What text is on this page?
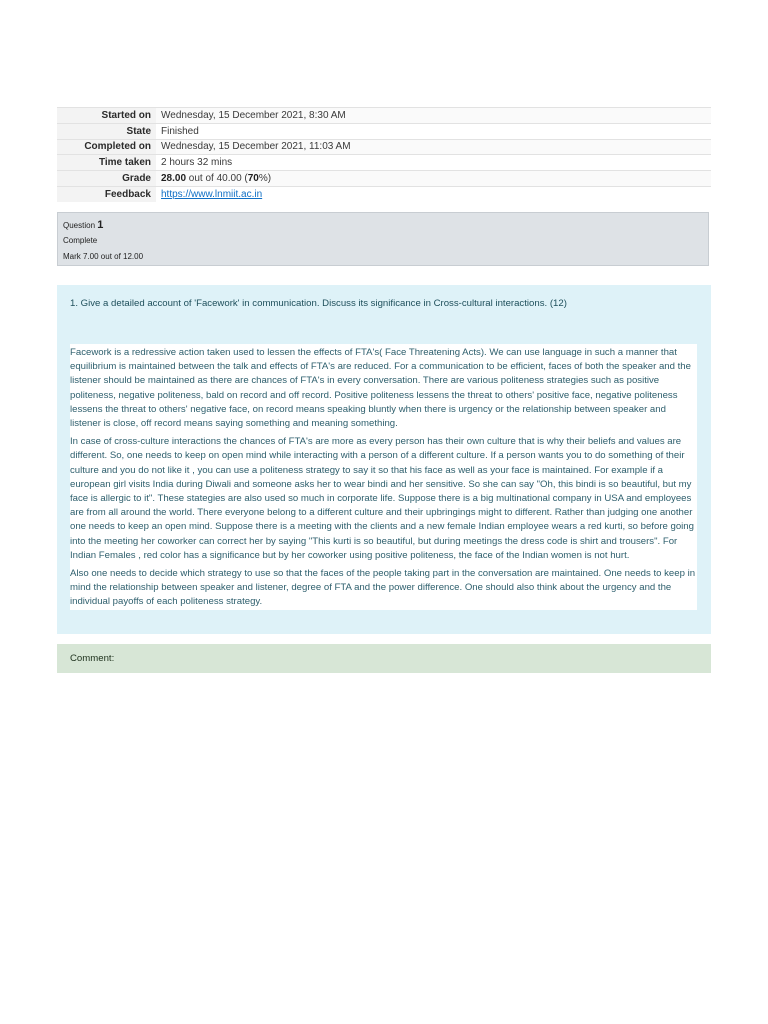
Started on	Wednesday, 15 December 2021, 8:30 AM
State	Finished
Completed on	Wednesday, 15 December 2021, 11:03 AM
Time taken	2 hours 32 mins
Grade	28.00 out of 40.00 (70%)
Feedback	https://www.lnmiit.ac.in
Question 1
Complete
Mark 7.00 out of 12.00
1. Give a detailed account of 'Facework' in communication. Discuss its significance in Cross-cultural interactions. (12)

Facework is a redressive action taken used to lessen the effects of FTA's( Face Threatening Acts). We can use language in such a manner that equilibrium is maintained between the talk and effects of FTA's are reduced. For a communication to be efficient, faces of both the speaker and the listener should be maintained as there are chances of FTA's in every conversation. There are various politeness strategies such as positive politeness, negative politeness, bald on record and off record. Positive politeness lessens the threat to others' positive face, negative politeness lessens the threat to others' negative face, on record means speaking bluntly when there is urgency or the relationship between speaker and listener is close, off record means saying something and meaning something.

In case of cross-culture interactions the chances of FTA's are more as every person has their own culture that is why their beliefs and values are different. So, one needs to keep on open mind while interacting with a person of a different culture. If a person wants you to do something of their culture and you do not like it , you can use a politeness strategy to say it so that his face as well as your face is maintained. For example if a european girl visits India during Diwali and someone asks her to wear bindi and her sensitive. So she can say "Oh, this bindi is so beautiful, but my face is allergic to it". These stategies are also used so much in corporate life. Suppose there is a big multinational company in USA and employees are from all around the world. There everyone belong to a different culture and their upbringings might to different. Rather than judging one another one needs to keep an open mind. Suppose there is a meeting with the clients and a new female Indian employee wears a red kurti, so before going into the meeting her coworker can correct her by saying "This kurti is so beautiful, but during meetings the dress code is shirt and trousers". For Indian Females , red color has a significance but by her coworker using positive politeness, the face of the Indian women is not hurt.

Also one needs to decide which strategy to use so that the faces of the people taking part in the conversation are maintained. One needs to keep in mind the relationship between speaker and listener, degree of FTA and the power difference. One should also think about the urgency and the individual payoffs of each politeness strategy.

Comment:
